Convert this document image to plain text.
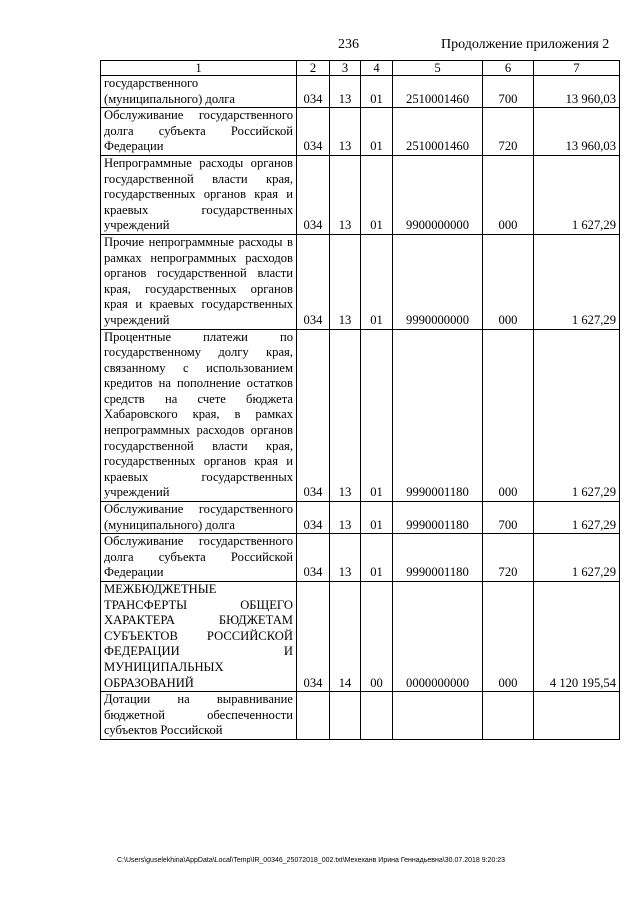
236	Продолжение приложения 2
1	2	3	4	5	6	7
государственного (муниципального) долга	034	13	01	2510001460	700	13 960,03
Обслуживание государственного долга субъекта Российской Федерации	034	13	01	2510001460	720	13 960,03
Непрограммные расходы органов государственной власти края, государственных органов края и краевых государственных учреждений	034	13	01	9900000000	000	1 627,29
Прочие непрограммные расходы в рамках непрограммных расходов органов государственной власти края, государственных органов края и краевых государственных учреждений	034	13	01	9990000000	000	1 627,29
Процентные платежи по государственному долгу края, связанному с использованием кредитов на пополнение остатков средств на счете бюджета Хабаровского края, в рамках непрограммных расходов органов государственной власти края, государственных органов края и краевых государственных учреждений	034	13	01	9990001180	000	1 627,29
Обслуживание государственного (муниципального) долга	034	13	01	9990001180	700	1 627,29
Обслуживание государственного долга субъекта Российской Федерации	034	13	01	9990001180	720	1 627,29
МЕЖБЮДЖЕТНЫЕ ТРАНСФЕРТЫ ОБЩЕГО ХАРАКТЕРА БЮДЖЕТАМ СУБЪЕКТОВ РОССИЙСКОЙ ФЕДЕРАЦИИ И МУНИЦИПАЛЬНЫХ ОБРАЗОВАНИЙ	034	14	00	0000000000	000	4 120 195,54
Дотации на выравнивание бюджетной обеспеченности субъектов Российской						
C:\Users\guselekhina\AppData\Local\Temp\IR_00346_25072018_002.txt\Мехеханв Ирина Геннадьевна\30.07.2018 9:20:23
